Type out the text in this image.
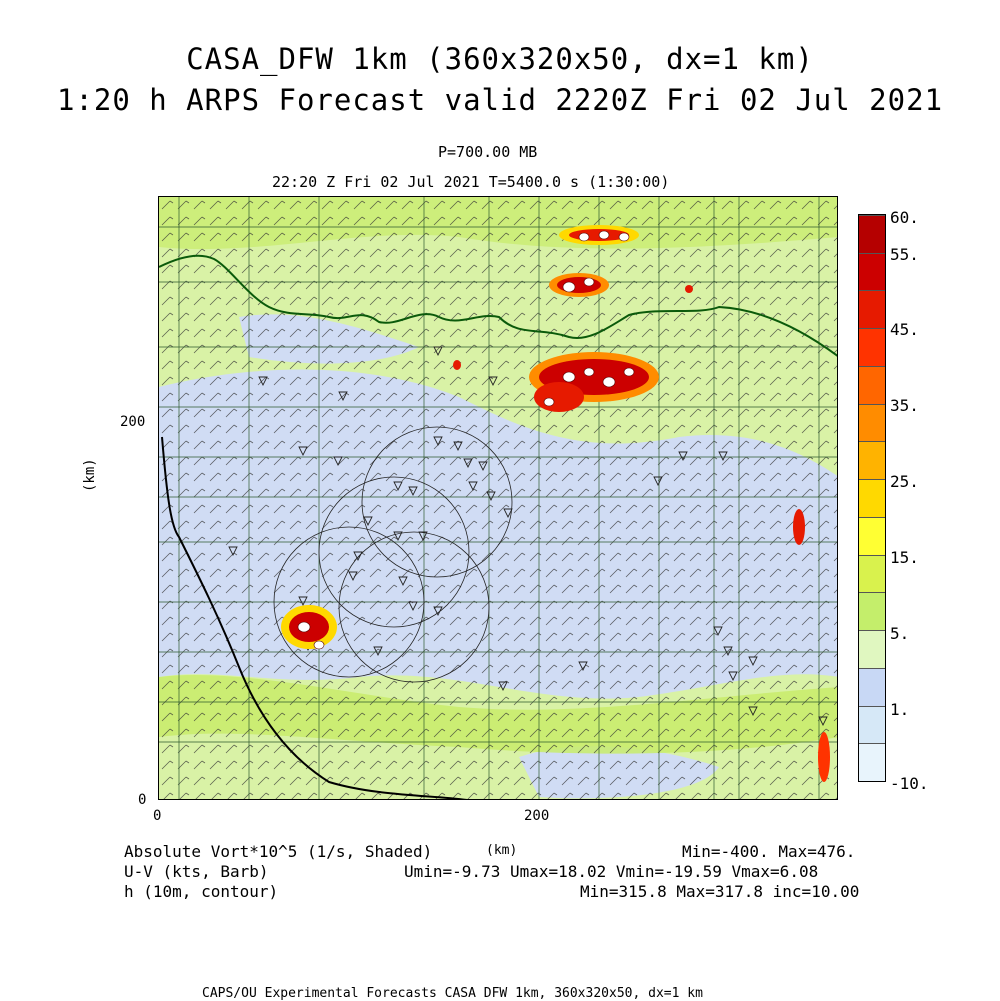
CASA_DFW 1km (360x320x50, dx=1 km)
1:20 h ARPS Forecast valid 2220Z Fri 02 Jul 2021
P=700.00 MB
22:20 Z Fri 02 Jul 2021 T=5400.0 s (1:30:00)
(km)
200
0
0	200
(km)
60.
55.
45.
35.
25.
15.
5.
1.
-10.
Absolute Vort*10^5 (1/s, Shaded)	Min=-400. Max=476.
U-V (kts, Barb)	Umin=-9.73 Umax=18.02 Vmin=-19.59 Vmax=6.08
h (10m, contour)	Min=315.8 Max=317.8 inc=10.00
CAPS/OU Experimental Forecasts CASA DFW 1km, 360x320x50, dx=1 km
